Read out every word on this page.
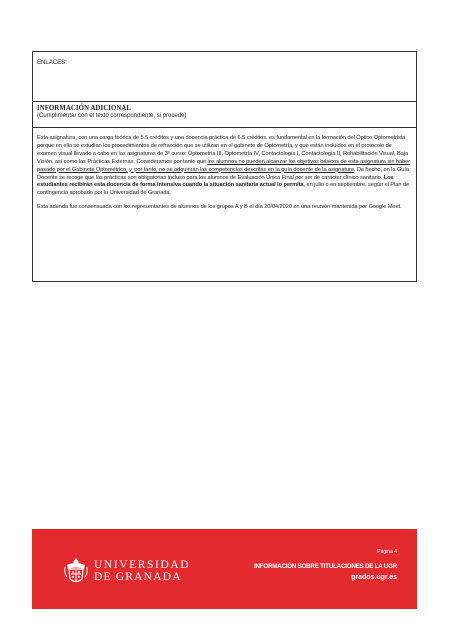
ENLACES:
INFORMACIÓN ADICIONAL
(Cumplimentar con el texto correspondiente, si procede)

Esta asignatura, con una carga teórica de 5.5 créditos y una docencia práctica de 6.5 créditos, es fundamental en la formación del Óptico Optometrista porque en ella se estudian los procedimientos de refracción que se utilizan en el gabinete de Optometría, y que están incluidos en el protocolo de examen visual llevado a cabo en las asignaturas de 3º curso: Optometría III, Optometría IV, Contactología I, Contactología II, Rehabilitación Visual, Baja Visión, así como las Prácticas Externas. Consideramos por tanto que los alumnos no pueden alcanzar los objetivos básicos de esta asignatura sin haber pasado por el Gabinete Optométrico, y, por tanto, no se adquirirán las competencias descritas en la guía docente de la asignatura. De hecho, en la Guía Docente se recoge que las prácticas son obligatorias incluso para los alumnos de Evaluación Única Final por ser de carácter clínico sanitario. Los estudiantes recibirán esta docencia de forma intensiva cuando la situación sanitaria actual lo permita, en julio o en septiembre, según el Plan de contingencia aprobado por la Universidad de Granada.

Esta adenda fue consensuada con los representantes de alumnos de los grupos A y B el día 20/04/2020 en una reunión mantenida por Google Meet.

UNIVERSIDAD
DE GRANADA
Página 4
INFORMACIÓN SOBRE TITULACIONES DE LA UGR
grados.ugr.es
